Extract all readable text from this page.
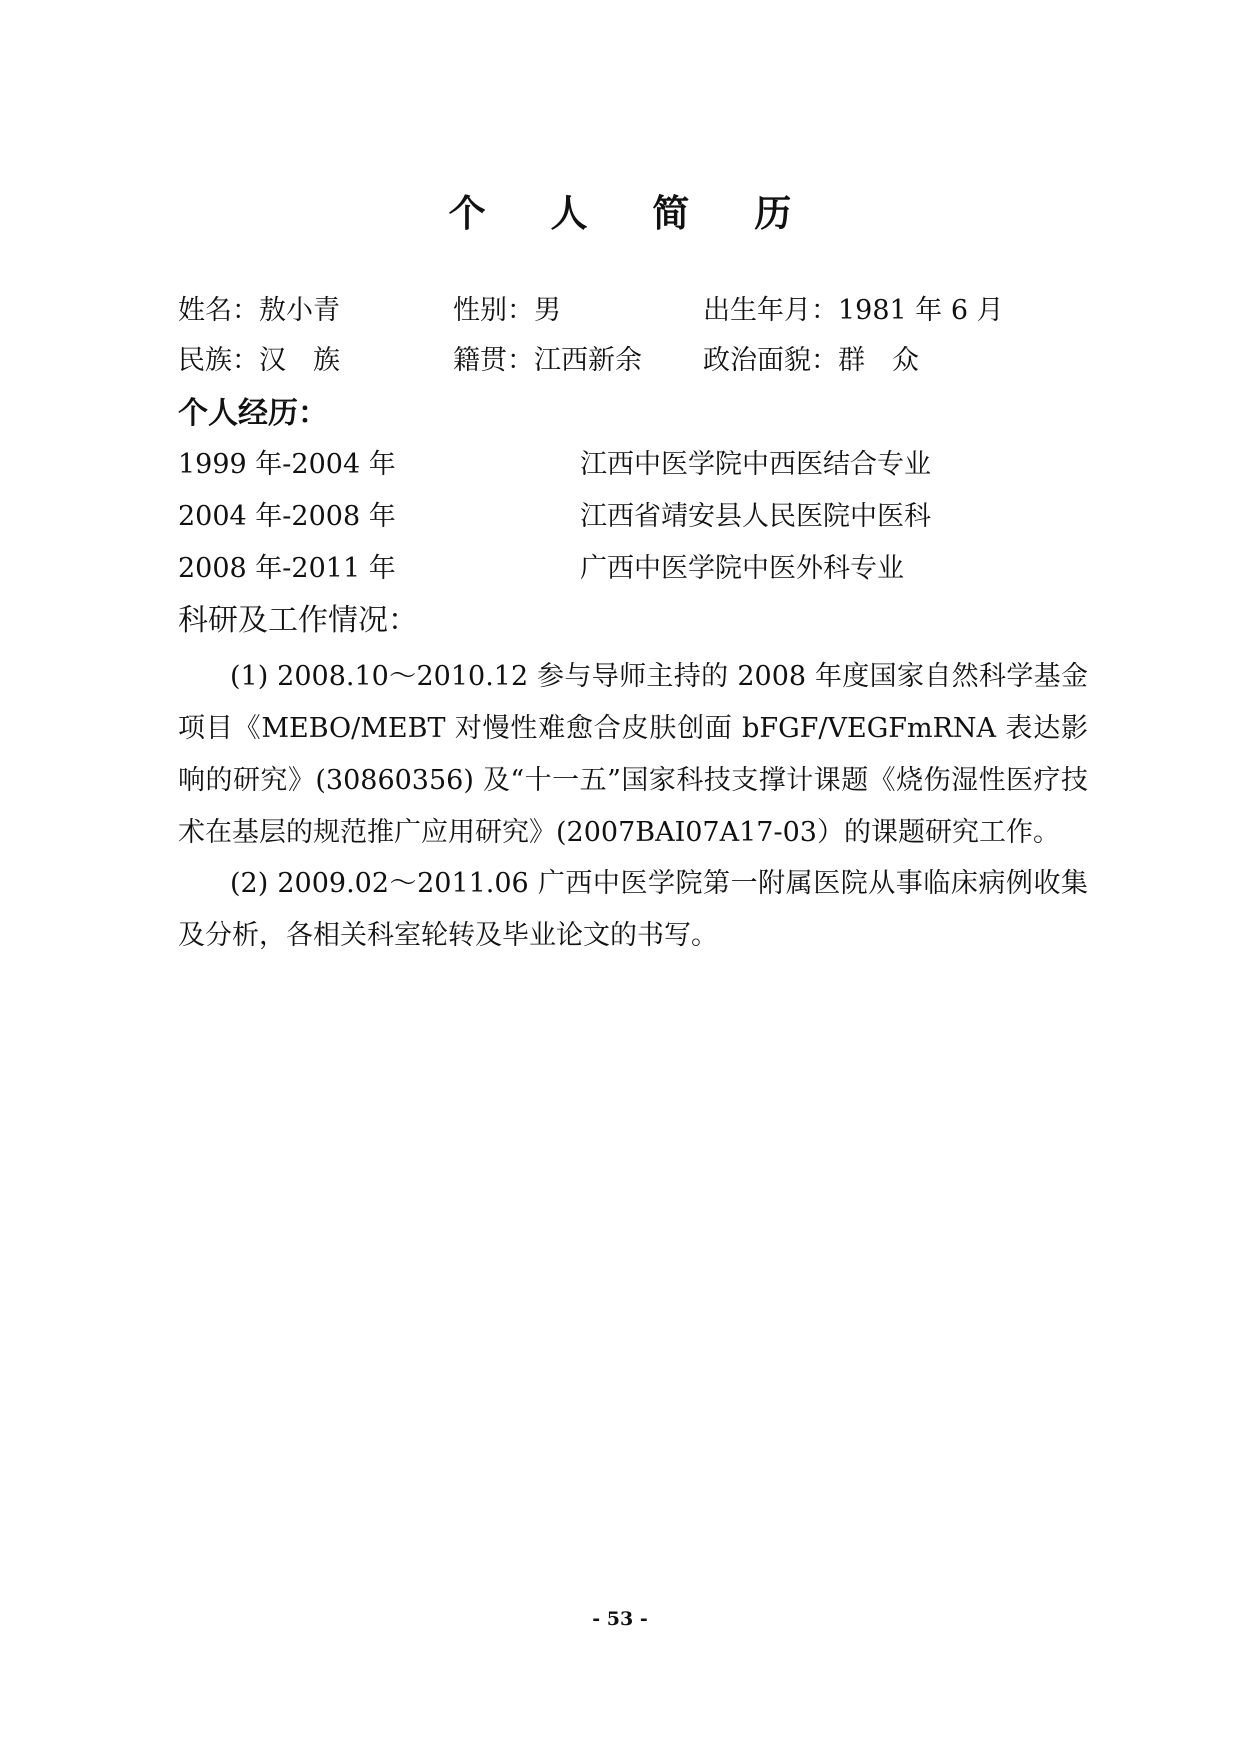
个 人 简 历
姓名：敖小青	性别：男	出生年月：1981 年 6 月
民族：汉　族	籍贯：江西新余 政治面貌：群　众
个人经历：
1999 年-2004 年	江西中医学院中西医结合专业
2004 年-2008 年	江西省靖安县人民医院中医科
2008 年-2011 年	广西中医学院中医外科专业
科研及工作情况：
(1) 2008.10～2010.12 参与导师主持的 2008 年度国家自然科学基金项目《MEBO/MEBT 对慢性难愈合皮肤创面 bFGF/VEGFmRNA 表达影响的研究》(30860356) 及“十一五”国家科技支撑计课题《烧伤湿性医疗技术在基层的规范推广应用研究》(2007BAI07A17-03）的课题研究工作。
(2) 2009.02～2011.06 广西中医学院第一附属医院从事临床病例收集及分析，各相关科室轮转及毕业论文的书写。
- 53 -
